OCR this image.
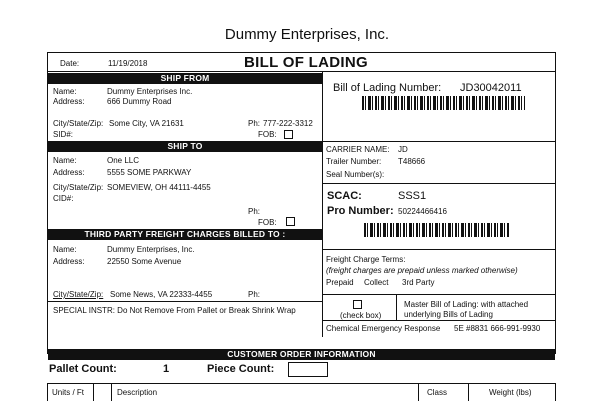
Dummy Enterprises, Inc.
Date:	11/19/2018	BILL OF LADING
SHIP FROM
Name:	Dummy Enterprises Inc.
Address:	666 Dummy Road
City/State/Zip: Some City, VA 21631	Ph: 777-222-3312
SID#:	FOB:
SHIP TO
Name:	One LLC
Address:	5555 SOME PARKWAY
City/State/Zip: SOMEVIEW, OH 44111-4455
CID#:
Ph:
FOB:
THIRD PARTY FREIGHT CHARGES BILLED TO :
Name:	Dummy Enterprises, Inc.
Address:	22550 Some Avenue
City/State/Zip: Some News, VA 22333-4455	Ph:
SPECIAL INSTR: Do Not Remove From Pallet or Break Shrink Wrap
Bill of Lading Number: JD30042011
CARRIER NAME: JD
Trailer Number: T48666
Seal Number(s):
SCAC:	SSS1
Pro Number: 50224466416
Freight Charge Terms:
(freight charges are prepaid unless marked otherwise)
Prepaid Collect 3rd Party
(check box)
Master Bill of Lading: with attached
underlying Bills of Lading
Chemical Emergency Response 5E #8831 666-991-9930
CUSTOMER ORDER INFORMATION
Pallet Count:	1	Piece Count:
Units / Ft	Description	Class	Weight (lbs)
